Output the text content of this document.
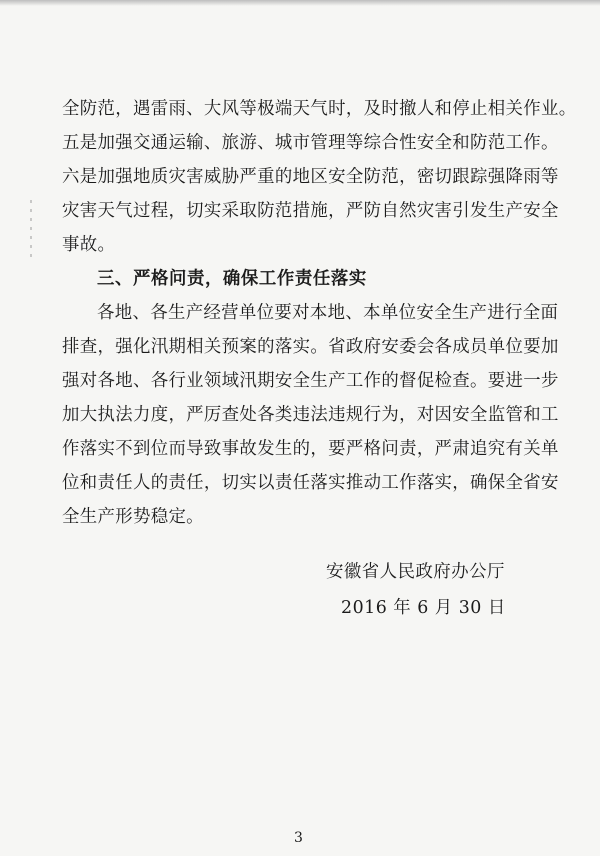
全防范，遇雷雨、大风等极端天气时，及时撤人和停止相关作业。
五是加强交通运输、旅游、城市管理等综合性安全和防范工作。
六是加强地质灾害威胁严重的地区安全防范，密切跟踪强降雨等
灾害天气过程，切实采取防范措施，严防自然灾害引发生产安全
事故。
三、严格问责，确保工作责任落实
各地、各生产经营单位要对本地、本单位安全生产进行全面
排查，强化汛期相关预案的落实。省政府安委会各成员单位要加
强对各地、各行业领域汛期安全生产工作的督促检查。要进一步
加大执法力度，严厉查处各类违法违规行为，对因安全监管和工
作落实不到位而导致事故发生的，要严格问责，严肃追究有关单
位和责任人的责任，切实以责任落实推动工作落实，确保全省安
全生产形势稳定。
安徽省人民政府办公厅
2016 年 6 月 30 日
3
